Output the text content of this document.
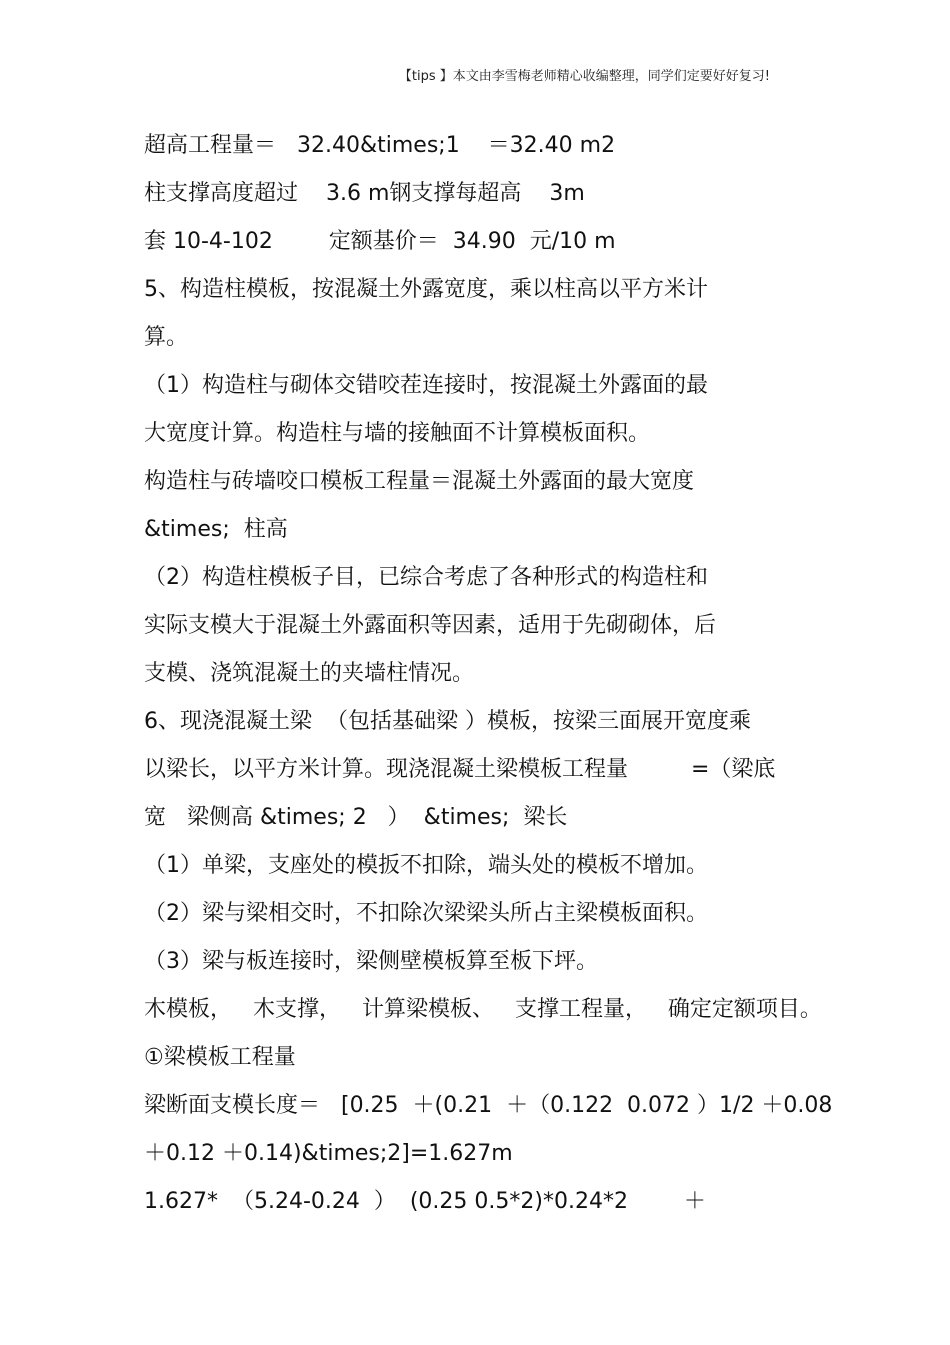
【tips 】本文由李雪梅老师精心收编整理，同学们定要好好复习!
超高工程量＝   32.40&times;1    ＝32.40 m2
柱支撑高度超过    3.6 m钢支撑每超高    3m
套 10-4-102        定额基价＝  34.90  元/10 m
5、构造柱模板，按混凝土外露宽度，乘以柱高以平方米计
算。
（1）构造柱与砌体交错咬茬连接时，按混凝土外露面的最
大宽度计算。构造柱与墙的接触面不计算模板面积。
构造柱与砖墙咬口模板工程量＝混凝土外露面的最大宽度
&times;  柱高
（2）构造柱模板子目，已综合考虑了各种形式的构造柱和
实际支模大于混凝土外露面积等因素，适用于先砌砌体，后
支模、浇筑混凝土的夹墙柱情况。
6、现浇混凝土梁  （包括基础梁 ）模板，按梁三面展开宽度乘
以梁长，以平方米计算。现浇混凝土梁模板工程量         =（梁底
宽   梁侧高 &times; 2   ）  &times;  梁长
（1）单梁，支座处的模扳不扣除，端头处的模板不增加。
（2）梁与梁相交时，不扣除次梁梁头所占主梁模板面积。
（3）梁与板连接时，梁侧壁模板算至板下坪。
木模板，   木支撑，   计算梁模板、   支撑工程量，   确定定额项目。
①梁模板工程量
梁断面支模长度＝   [0.25  ＋(0.21  ＋（0.122  0.072 ）1/2 ＋0.08
＋0.12 ＋0.14)&times;2]=1.627m
1.627*  （5.24-0.24  ）  (0.25 0.5*2)*0.24*2        ＋
